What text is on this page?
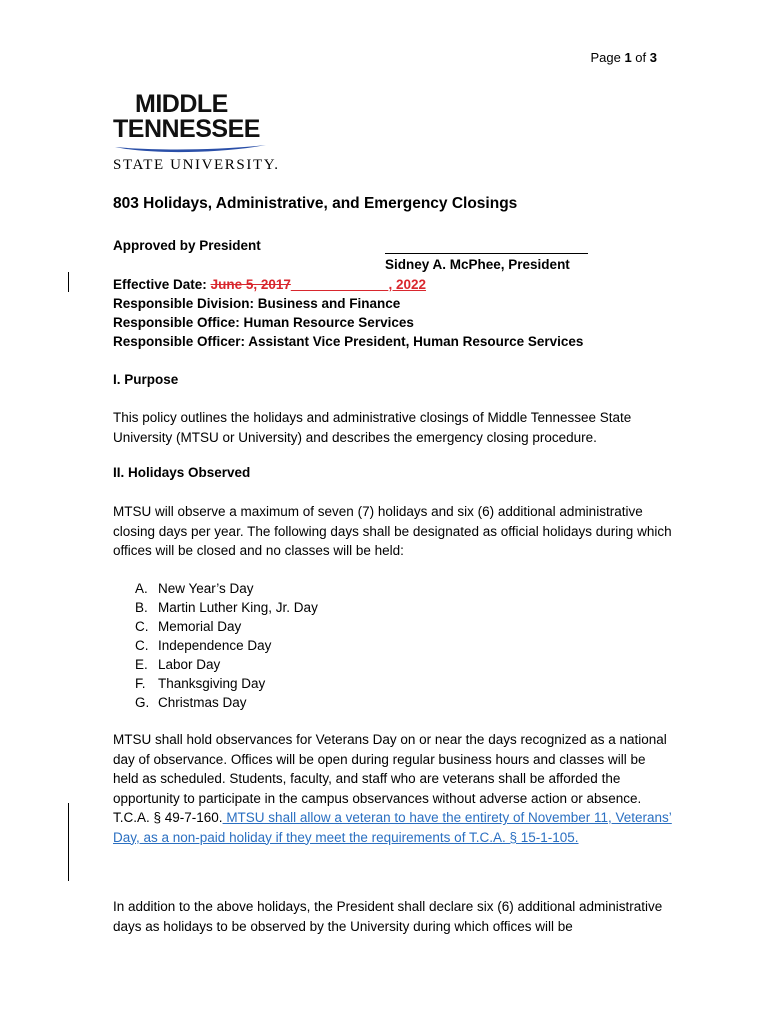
Page 1 of 3
MIDDLE
TENNESSEE
STATE UNIVERSITY.
803 Holidays, Administrative, and Emergency Closings
Approved by President
Sidney A. McPhee, President
Effective Date: June 5, 2017_____________, 2022
Responsible Division: Business and Finance
Responsible Office: Human Resource Services
Responsible Officer: Assistant Vice President, Human Resource Services
I. Purpose
This policy outlines the holidays and administrative closings of Middle Tennessee State University (MTSU or University) and describes the emergency closing procedure.
II. Holidays Observed
MTSU will observe a maximum of seven (7) holidays and six (6) additional administrative closing days per year. The following days shall be designated as official holidays during which offices will be closed and no classes will be held:
A. New Year’s Day
B. Martin Luther King, Jr. Day
C. Memorial Day
C. Independence Day
E. Labor Day
F. Thanksgiving Day
G. Christmas Day
MTSU shall hold observances for Veterans Day on or near the days recognized as a national day of observance. Offices will be open during regular business hours and classes will be held as scheduled. Students, faculty, and staff who are veterans shall be afforded the opportunity to participate in the campus observances without adverse action or absence. T.C.A. § 49-7-160. MTSU shall allow a veteran to have the entirety of November 11, Veterans’ Day, as a non-paid holiday if they meet the requirements of T.C.A. § 15-1-105.
In addition to the above holidays, the President shall declare six (6) additional administrative days as holidays to be observed by the University during which offices will be
